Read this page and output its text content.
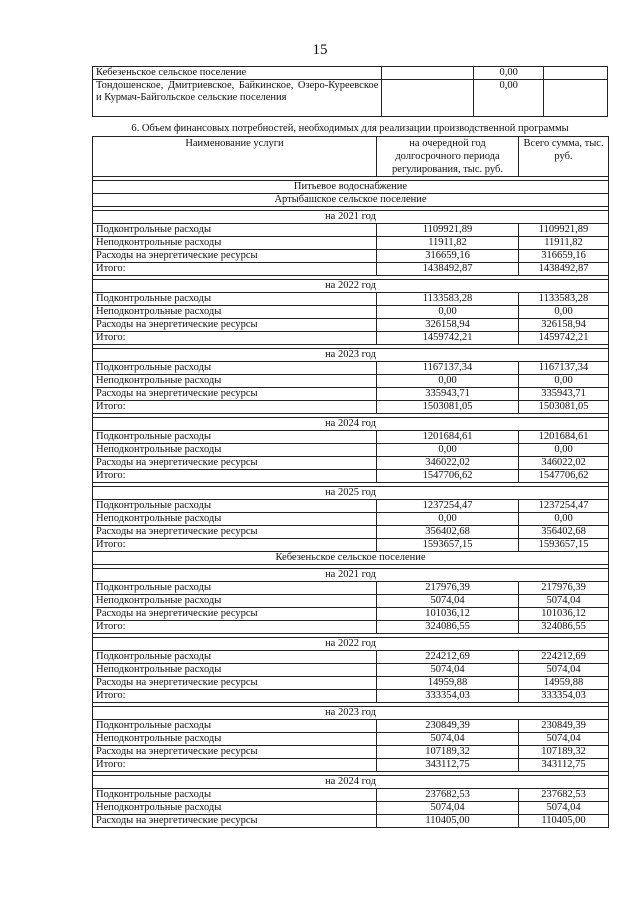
15
Кебезеньское сельское поселение		0,00	
Тондошенское, Дмитриевское, Байкинское, Озеро-Куреевское и Курмач-Байгольское сельские поселения		0,00	
6. Объем финансовых потребностей, необходимых для реализации производственной программы
Наименование услуги	на очередной год долгосрочного периода регулирования, тыс. руб.	Всего сумма, тыс. руб.

Питьевое водоснабжение		
Артыбашское сельское поселение		

на 2021 год		
Подконтрольные расходы	1109921,89	1109921,89
Неподконтрольные расходы	11911,82	11911,82
Расходы на энергетические ресурсы	316659,16	316659,16
Итого:	1438492,87	1438492,87

на 2022 год		
Подконтрольные расходы	1133583,28	1133583,28
Неподконтрольные расходы	0,00	0,00
Расходы на энергетические ресурсы	326158,94	326158,94
Итого:	1459742,21	1459742,21

на 2023 год		
Подконтрольные расходы	1167137,34	1167137,34
Неподконтрольные расходы	0,00	0,00
Расходы на энергетические ресурсы	335943,71	335943,71
Итого:	1503081,05	1503081,05

на 2024 год		
Подконтрольные расходы	1201684,61	1201684,61
Неподконтрольные расходы	0,00	0,00
Расходы на энергетические ресурсы	346022,02	346022,02
Итого:	1547706,62	1547706,62

на 2025 год		
Подконтрольные расходы	1237254,47	1237254,47
Неподконтрольные расходы	0,00	0,00
Расходы на энергетические ресурсы	356402,68	356402,68
Итого:	1593657,15	1593657,15
Кебезеньское сельское поселение		

на 2021 год		
Подконтрольные расходы	217976,39	217976,39
Неподконтрольные расходы	5074,04	5074,04
Расходы на энергетические ресурсы	101036,12	101036,12
Итого:	324086,55	324086,55

на 2022 год		
Подконтрольные расходы	224212,69	224212,69
Неподконтрольные расходы	5074,04	5074,04
Расходы на энергетические ресурсы	14959,88	14959,88
Итого:	333354,03	333354,03

на 2023 год		
Подконтрольные расходы	230849,39	230849,39
Неподконтрольные расходы	5074,04	5074,04
Расходы на энергетические ресурсы	107189,32	107189,32
Итого:	343112,75	343112,75

на 2024 год		
Подконтрольные расходы	237682,53	237682,53
Неподконтрольные расходы	5074,04	5074,04
Расходы на энергетические ресурсы	110405,00	110405,00
